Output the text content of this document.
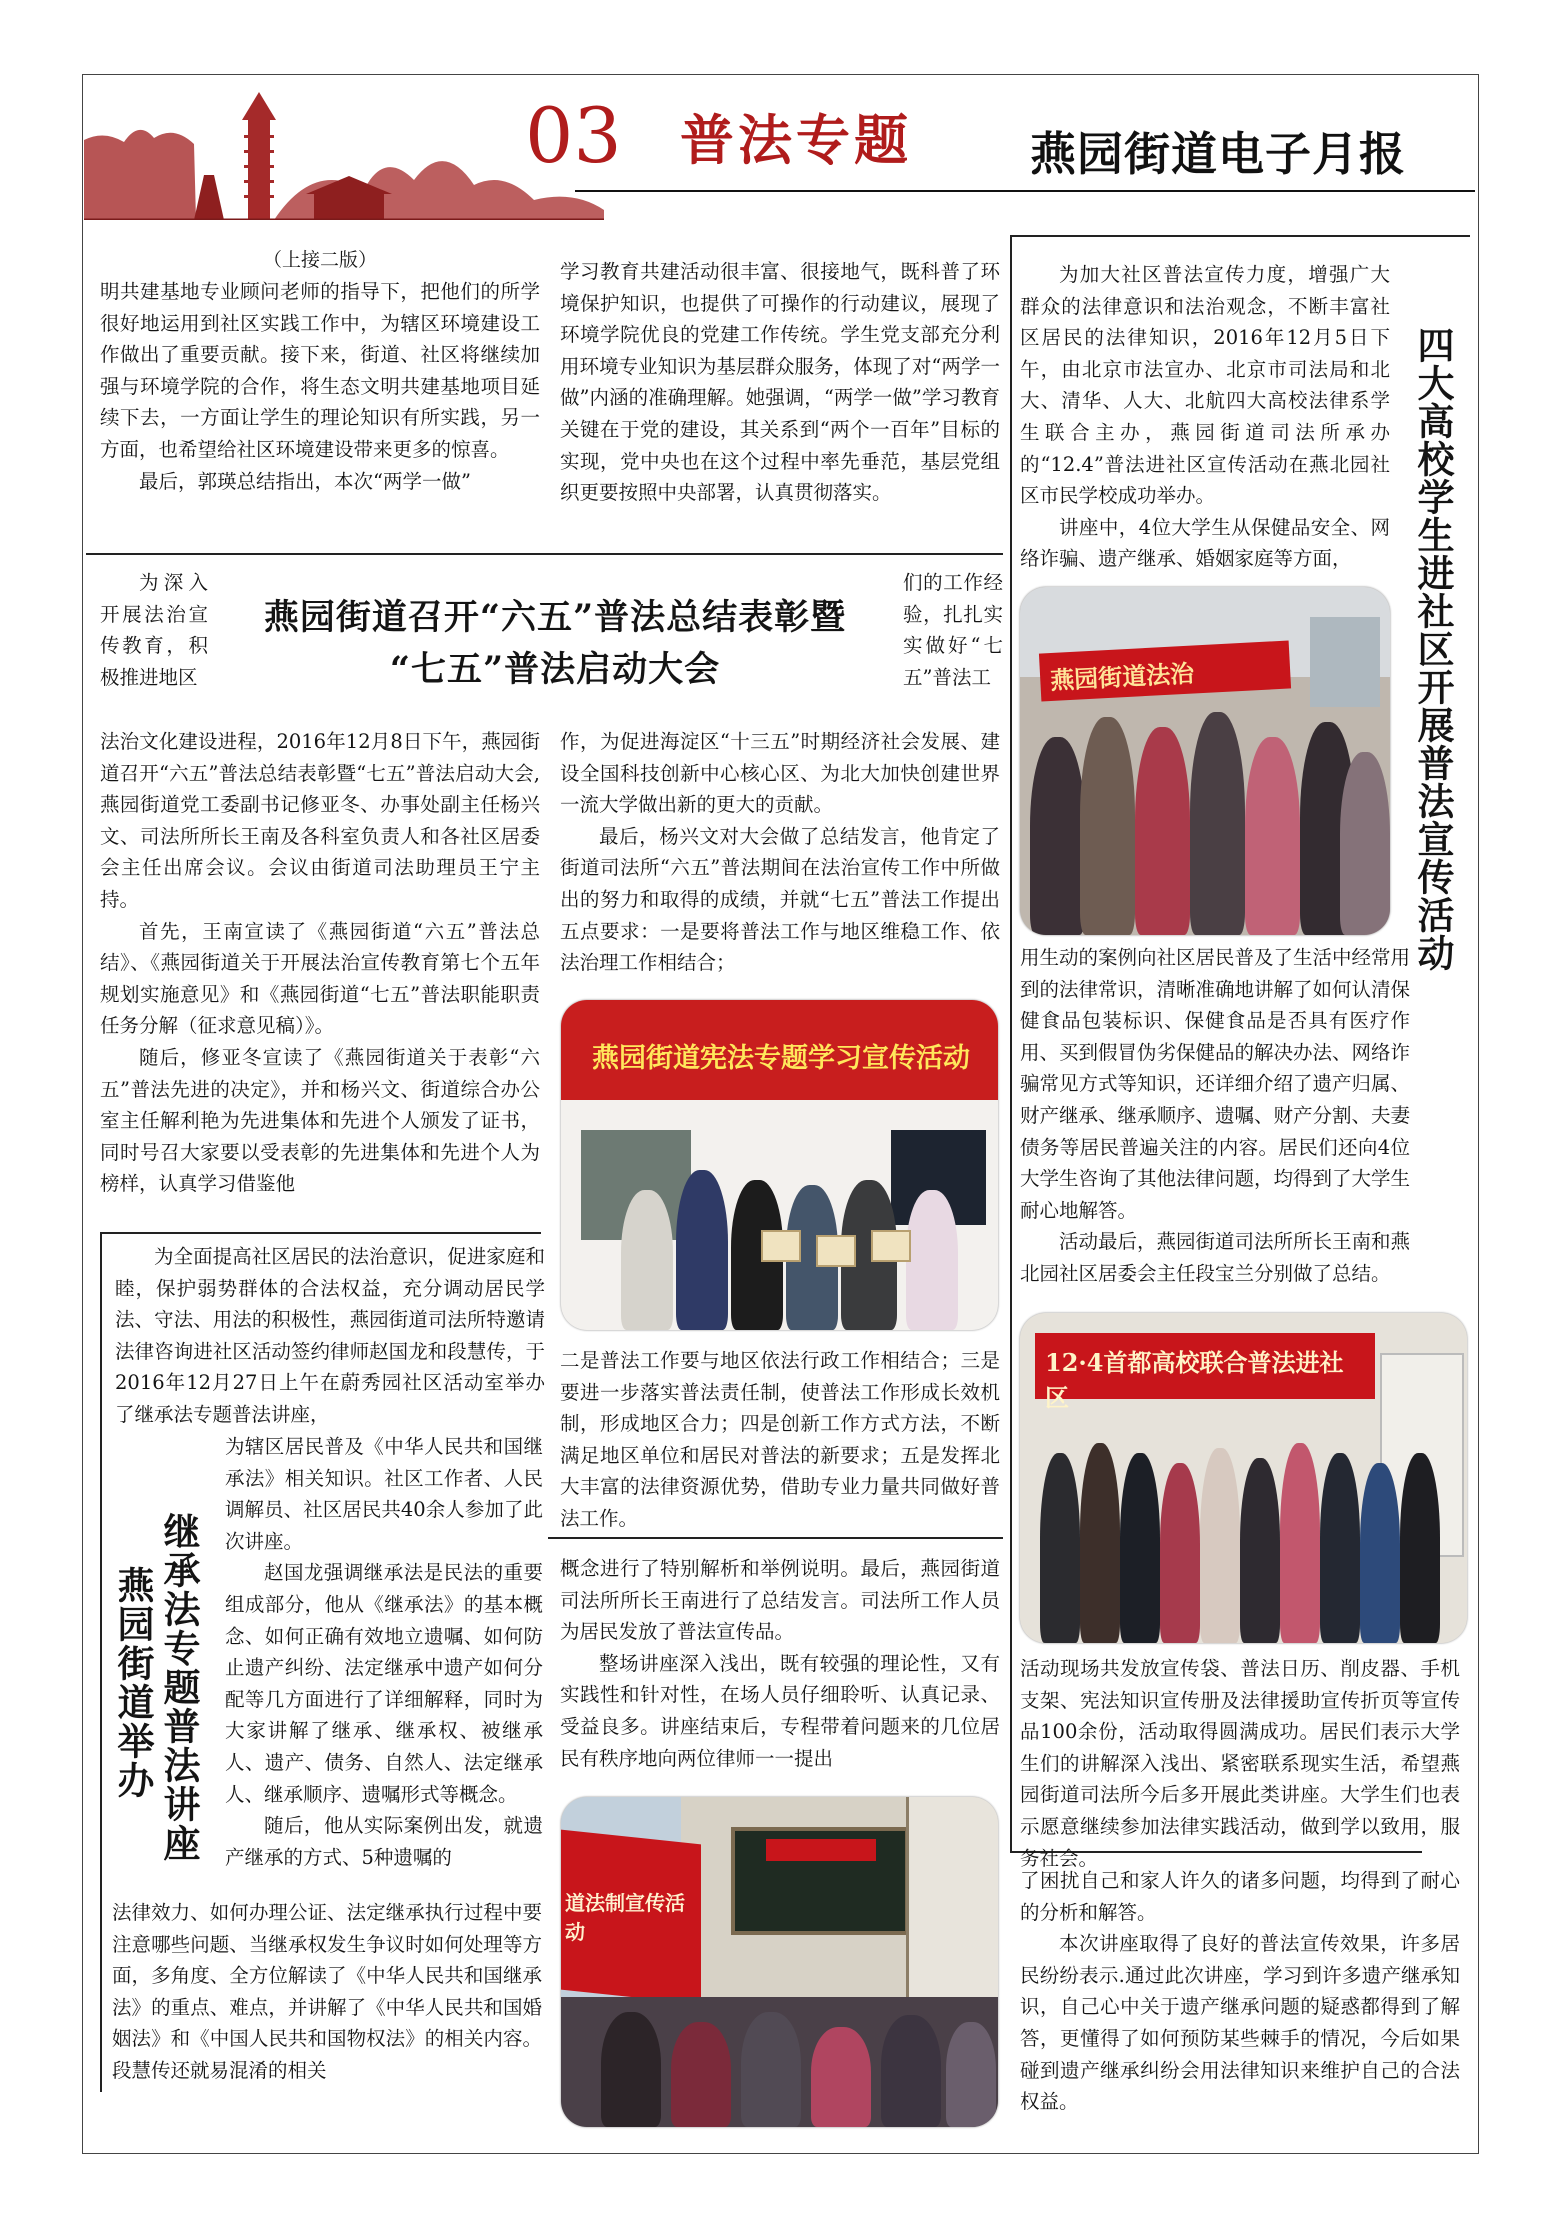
03 普法专题	燕园街道电子月报
（上接二版）

明共建基地专业顾问老师的指导下，把他们的所学很好地运用到社区实践工作中，为辖区环境建设工作做出了重要贡献。接下来，街道、社区将继续加强与环境学院的合作，将生态文明共建基地项目延续下去，一方面让学生的理论知识有所实践，另一方面，也希望给社区环境建设带来更多的惊喜。

最后，郭瑛总结指出，本次“两学一做”

学习教育共建活动很丰富、很接地气，既科普了环境保护知识，也提供了可操作的行动建议，展现了环境学院优良的党建工作传统。学生党支部充分利用环境专业知识为基层群众服务，体现了对“两学一做”内涵的准确理解。她强调，“两学一做”学习教育关键在于党的建设，其关系到“两个一百年”目标的实现，党中央也在这个过程中率先垂范，基层党组织更要按照中央部署，认真贯彻落实。

为深入开展法治宣传教育，积极推进地区

燕园街道召开“六五”普法总结表彰暨
“七五”普法启动大会

们的工作经验，扎扎实实做好“七五”普法工

法治文化建设进程，2016年12月8日下午，燕园街道召开“六五”普法总结表彰暨“七五”普法启动大会,燕园街道党工委副书记修亚冬、办事处副主任杨兴文、司法所所长王南及各科室负责人和各社区居委会主任出席会议。会议由街道司法助理员王宁主持。

首先，王南宣读了《燕园街道“六五”普法总结》、《燕园街道关于开展法治宣传教育第七个五年规划实施意见》和《燕园街道“七五”普法职能职责任务分解（征求意见稿）》。

随后，修亚冬宣读了《燕园街道关于表彰“六五”普法先进的决定》，并和杨兴文、街道综合办公室主任解利艳为先进集体和先进个人颁发了证书，同时号召大家要以受表彰的先进集体和先进个人为榜样，认真学习借鉴他

作，为促进海淀区“十三五”时期经济社会发展、建设全国科技创新中心核心区、为北大加快创建世界一流大学做出新的更大的贡献。

最后，杨兴文对大会做了总结发言，他肯定了街道司法所“六五”普法期间在法治宣传工作中所做出的努力和取得的成绩，并就“七五”普法工作提出五点要求：一是要将普法工作与地区维稳工作、依法治理工作相结合；

燕园街道宪法专题学习宣传活动

二是普法工作要与地区依法行政工作相结合；三是要进一步落实普法责任制，使普法工作形成长效机制，形成地区合力；四是创新工作方式方法，不断满足地区单位和居民对普法的新要求；五是发挥北大丰富的法律资源优势，借助专业力量共同做好普法工作。

为全面提高社区居民的法治意识，促进家庭和睦，保护弱势群体的合法权益，充分调动居民学法、守法、用法的积极性，燕园街道司法所特邀请法律咨询进社区活动签约律师赵国龙和段慧传，于2016年12月27日上午在蔚秀园社区活动室举办了继承法专题普法讲座，

为辖区居民普及《中华人民共和国继承法》相关知识。社区工作者、人民调解员、社区居民共40余人参加了此次讲座。

赵国龙强调继承法是民法的重要组成部分，他从《继承法》的基本概念、如何正确有效地立遗嘱、如何防止遗产纠纷、法定继承中遗产如何分配等几方面进行了详细解释，同时为大家讲解了继承、继承权、被继承人、遗产、债务、自然人、法定继承人、继承顺序、遗嘱形式等概念。

随后，他从实际案例出发，就遗产继承的方式、5种遗嘱的

继承法专题普法讲座
燕园街道举办

法律效力、如何办理公证、法定继承执行过程中要注意哪些问题、当继承权发生争议时如何处理等方面，多角度、全方位解读了《中华人民共和国继承法》的重点、难点，并讲解了《中华人民共和国婚姻法》和《中国人民共和国物权法》的相关内容。段慧传还就易混淆的相关

概念进行了特别解析和举例说明。最后，燕园街道司法所所长王南进行了总结发言。司法所工作人员为居民发放了普法宣传品。

整场讲座深入浅出，既有较强的理论性，又有实践性和针对性，在场人员仔细聆听、认真记录、受益良多。讲座结束后，专程带着问题来的几位居民有秩序地向两位律师一一提出

道法制宣传活动

为加大社区普法宣传力度，增强广大群众的法律意识和法治观念，不断丰富社区居民的法律知识，2016年12月5日下午，由北京市法宣办、北京市司法局和北大、清华、人大、北航四大高校法律系学生联合主办，燕园街道司法所承办的“12.4”普法进社区宣传活动在燕北园社区市民学校成功举办。

讲座中，4位大学生从保健品安全、网络诈骗、遗产继承、婚姻家庭等方面，	四大高校学生进社区开展普法宣传活动
燕园街道法治

用生动的案例向社区居民普及了生活中经常用到的法律常识，清晰准确地讲解了如何认清保健食品包装标识、保健食品是否具有医疗作用、买到假冒伪劣保健品的解决办法、网络诈骗常见方式等知识，还详细介绍了遗产归属、财产继承、继承顺序、遗嘱、财产分割、夫妻债务等居民普遍关注的内容。居民们还向4位大学生咨询了其他法律问题，均得到了大学生耐心地解答。

活动最后，燕园街道司法所所长王南和燕北园社区居委会主任段宝兰分别做了总结。

12·4首都高校联合普法进社区

活动现场共发放宣传袋、普法日历、削皮器、手机支架、宪法知识宣传册及法律援助宣传折页等宣传品100余份，活动取得圆满成功。居民们表示大学生们的讲解深入浅出、紧密联系现实生活，希望燕园街道司法所今后多开展此类讲座。大学生们也表示愿意继续参加法律实践活动，做到学以致用，服务社会。

了困扰自己和家人许久的诸多问题，均得到了耐心的分析和解答。

本次讲座取得了良好的普法宣传效果，许多居民纷纷表示.通过此次讲座，学习到许多遗产继承知识，自己心中关于遗产继承问题的疑惑都得到了解答，更懂得了如何预防某些棘手的情况，今后如果碰到遗产继承纠纷会用法律知识来维护自己的合法权益。
